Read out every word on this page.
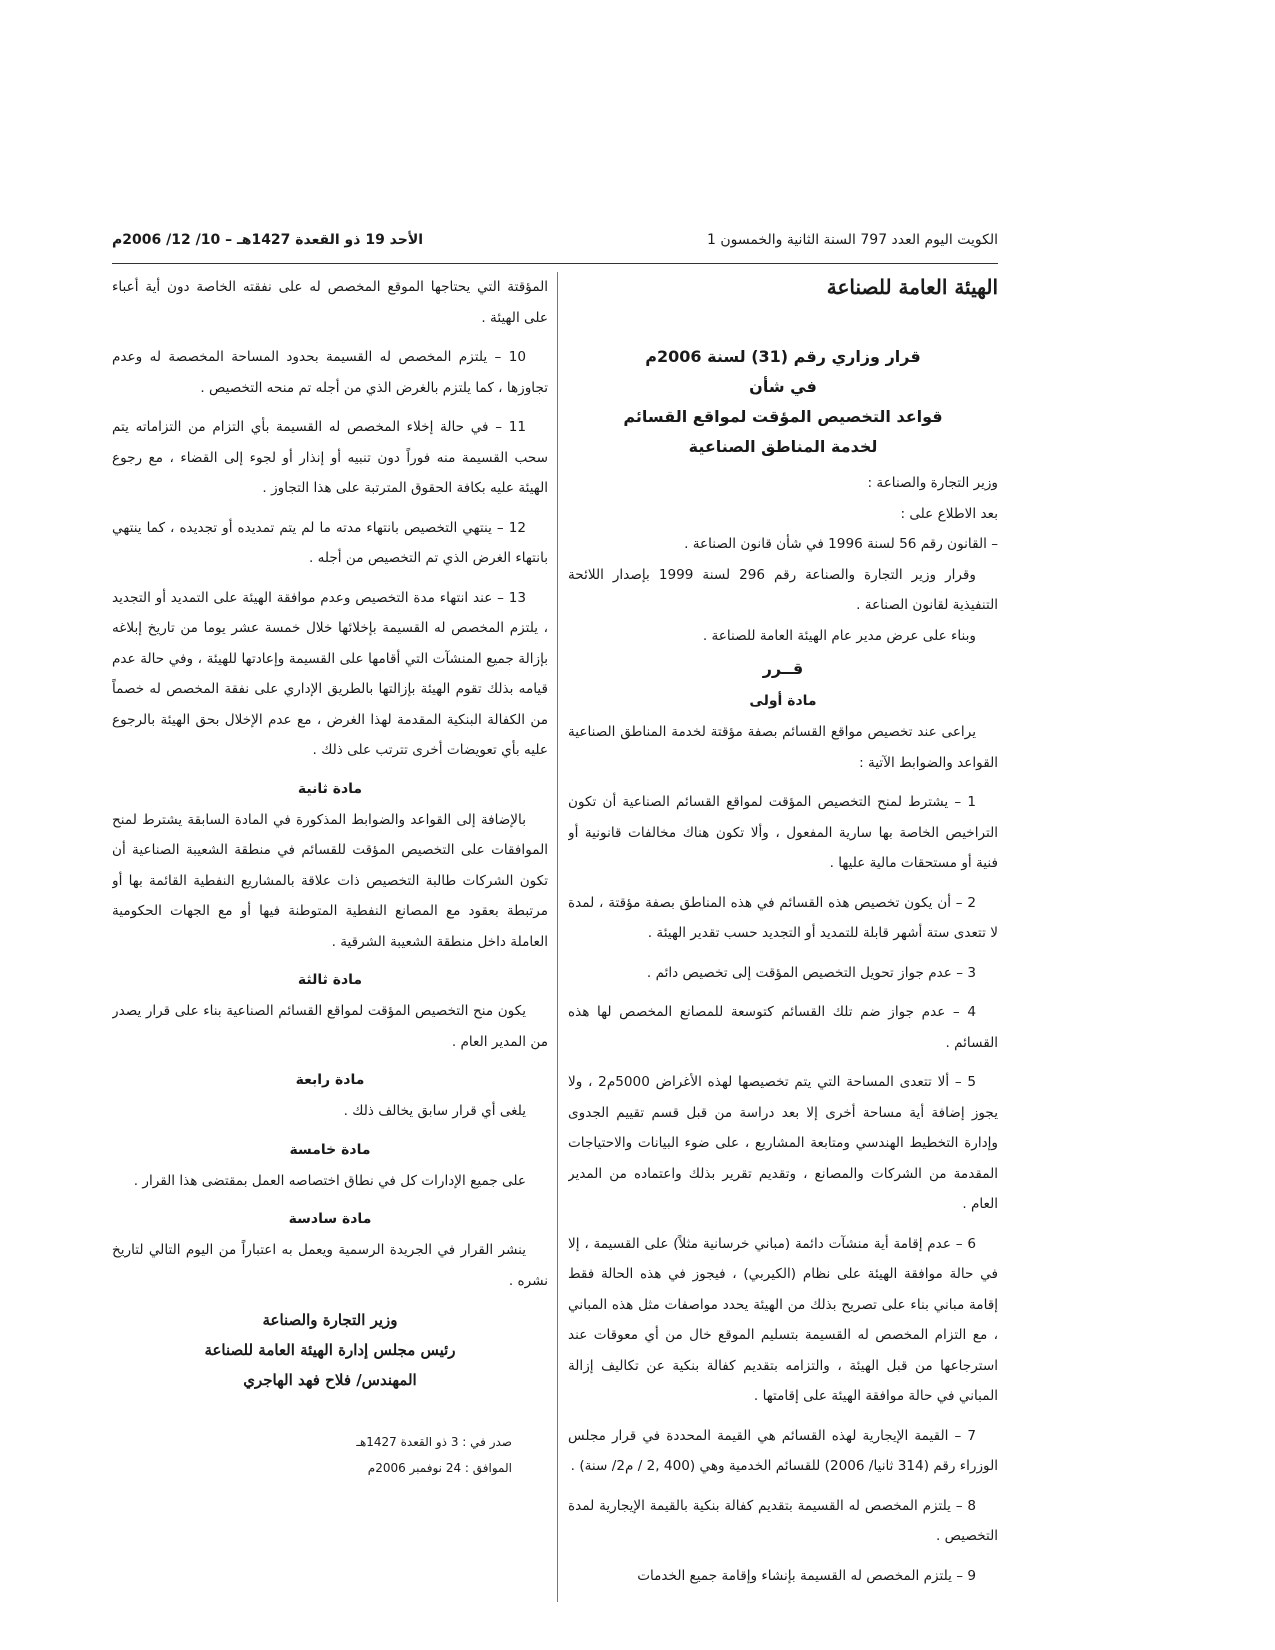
الكويت اليوم العدد 797 السنة الثانية والخمسون 1
الأحد 19 ذو القعدة 1427هـ – 10/ 12/ 2006م
الهيئة العامة للصناعة
قرار وزاري رقم (31) لسنة 2006م
في شأن
قواعد التخصيص المؤقت لمواقع القسائم
لخدمة المناطق الصناعية
وزير التجارة والصناعة :
بعد الاطلاع على :
– القانون رقم 56 لسنة 1996 في شأن قانون الصناعة .
وقرار وزير التجارة والصناعة رقم 296 لسنة 1999 بإصدار اللائحة التنفيذية لقانون الصناعة .
وبناء على عرض مدير عام الهيئة العامة للصناعة .
قــرر
مادة أولى
يراعى عند تخصيص مواقع القسائم بصفة مؤقتة لخدمة المناطق الصناعية القواعد والضوابط الآتية :
1 – يشترط لمنح التخصيص المؤقت لمواقع القسائم الصناعية أن تكون التراخيص الخاصة بها سارية المفعول ، وألا تكون هناك مخالفات قانونية أو فنية أو مستحقات مالية عليها .
2 – أن يكون تخصيص هذه القسائم في هذه المناطق بصفة مؤقتة ، لمدة لا تتعدى ستة أشهر قابلة للتمديد أو التجديد حسب تقدير الهيئة .
3 – عدم جواز تحويل التخصيص المؤقت إلى تخصيص دائم .
4 – عدم جواز ضم تلك القسائم كتوسعة للمصانع المخصص لها هذه القسائم .
5 – ألا تتعدى المساحة التي يتم تخصيصها لهذه الأغراض 5000م2 ، ولا يجوز إضافة أية مساحة أخرى إلا بعد دراسة من قبل قسم تقييم الجدوى وإدارة التخطيط الهندسي ومتابعة المشاريع ، على ضوء البيانات والاحتياجات المقدمة من الشركات والمصانع ، وتقديم تقرير بذلك واعتماده من المدير العام .
6 – عدم إقامة أية منشآت دائمة (مباني خرسانية مثلاً) على القسيمة ، إلا في حالة موافقة الهيئة على نظام (الكيربي) ، فيجوز في هذه الحالة فقط إقامة مباني بناء على تصريح بذلك من الهيئة يحدد مواصفات مثل هذه المباني ، مع التزام المخصص له القسيمة بتسليم الموقع خال من أي معوقات عند استرجاعها من قبل الهيئة ، والتزامه بتقديم كفالة بنكية عن تكاليف إزالة المباني في حالة موافقة الهيئة على إقامتها .
7 – القيمة الإيجارية لهذه القسائم هي القيمة المحددة في قرار مجلس الوزراء رقم (314 ثانيا/ 2006) للقسائم الخدمية وهي (400 ,2 / م2/ سنة) .
8 – يلتزم المخصص له القسيمة بتقديم كفالة بنكية بالقيمة الإيجارية لمدة التخصيص .
9 – يلتزم المخصص له القسيمة بإنشاء وإقامة جميع الخدمات
المؤقتة التي يحتاجها الموقع المخصص له على نفقته الخاصة دون أية أعباء على الهيئة .
10 – يلتزم المخصص له القسيمة بحدود المساحة المخصصة له وعدم تجاوزها ، كما يلتزم بالغرض الذي من أجله تم منحه التخصيص .
11 – في حالة إخلاء المخصص له القسيمة بأي التزام من التزاماته يتم سحب القسيمة منه فوراً دون تنبيه أو إنذار أو لجوء إلى القضاء ، مع رجوع الهيئة عليه بكافة الحقوق المترتبة على هذا التجاوز .
12 – ينتهي التخصيص بانتهاء مدته ما لم يتم تمديده أو تجديده ، كما ينتهي بانتهاء الغرض الذي تم التخصيص من أجله .
13 – عند انتهاء مدة التخصيص وعدم موافقة الهيئة على التمديد أو التجديد ، يلتزم المخصص له القسيمة بإخلائها خلال خمسة عشر يوما من تاريخ إبلاغه بإزالة جميع المنشآت التي أقامها على القسيمة وإعادتها للهيئة ، وفي حالة عدم قيامه بذلك تقوم الهيئة بإزالتها بالطريق الإداري على نفقة المخصص له خصماً من الكفالة البنكية المقدمة لهذا الغرض ، مع عدم الإخلال بحق الهيئة بالرجوع عليه بأي تعويضات أخرى تترتب على ذلك .
مادة ثانية
بالإضافة إلى القواعد والضوابط المذكورة في المادة السابقة يشترط لمنح الموافقات على التخصيص المؤقت للقسائم في منطقة الشعيبة الصناعية أن تكون الشركات طالبة التخصيص ذات علاقة بالمشاريع النفطية القائمة بها أو مرتبطة بعقود مع المصانع النفطية المتوطنة فيها أو مع الجهات الحكومية العاملة داخل منطقة الشعيبة الشرقية .
مادة ثالثة
يكون منح التخصيص المؤقت لمواقع القسائم الصناعية بناء على قرار يصدر من المدير العام .
مادة رابعة
يلغى أي قرار سابق يخالف ذلك .
مادة خامسة
على جميع الإدارات كل في نطاق اختصاصه العمل بمقتضى هذا القرار .
مادة سادسة
ينشر القرار في الجريدة الرسمية ويعمل به اعتباراً من اليوم التالي لتاريخ نشره .
وزير التجارة والصناعة
رئيس مجلس إدارة الهيئة العامة للصناعة
المهندس/ فلاح فهد الهاجري
صدر في : 3 ذو القعدة 1427هـ
الموافق : 24 نوفمبر 2006م
